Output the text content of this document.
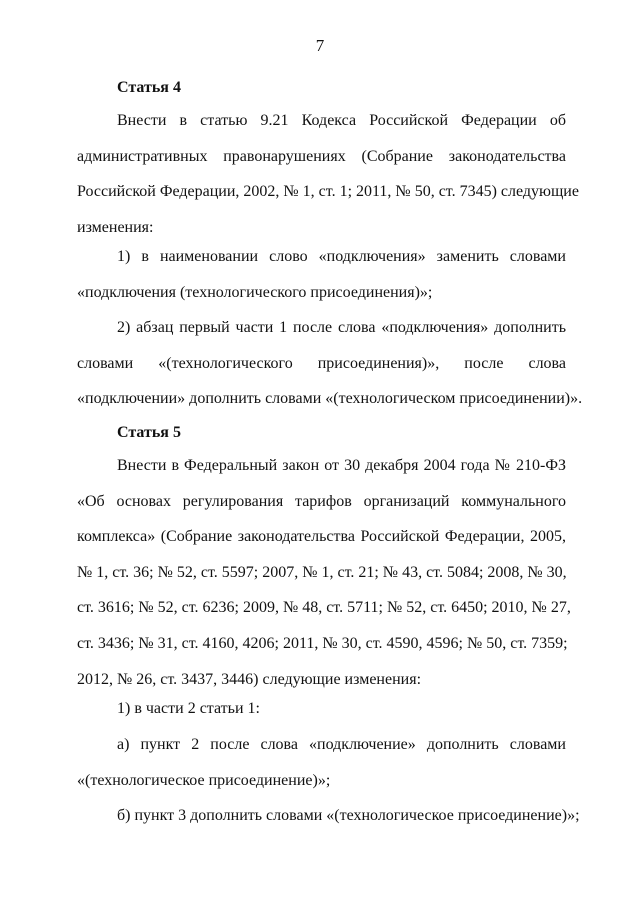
7
Статья 4
Внести в статью 9.21 Кодекса Российской Федерации об
административных правонарушениях (Собрание законодательства
Российской Федерации, 2002, № 1, ст. 1; 2011, № 50, ст. 7345) следующие
изменения:
1) в наименовании слово «подключения» заменить словами
«подключения (технологического присоединения)»;
2) абзац первый части 1 после слова «подключения» дополнить
словами «(технологического присоединения)», после слова
«подключении» дополнить словами «(технологическом присоединении)».
Статья 5
Внести в Федеральный закон от 30 декабря 2004 года № 210-ФЗ
«Об основах регулирования тарифов организаций коммунального
комплекса» (Собрание законодательства Российской Федерации, 2005,
№ 1, ст. 36; № 52, ст. 5597; 2007, № 1, ст. 21; № 43, ст. 5084; 2008, № 30,
ст. 3616; № 52, ст. 6236; 2009, № 48, ст. 5711; № 52, ст. 6450; 2010, № 27,
ст. 3436; № 31, ст. 4160, 4206; 2011, № 30, ст. 4590, 4596; № 50, ст. 7359;
2012, № 26, ст. 3437, 3446) следующие изменения:
1) в части 2 статьи 1:
а) пункт 2 после слова «подключение» дополнить словами
«(технологическое присоединение)»;
б) пункт 3 дополнить словами «(технологическое присоединение)»;
